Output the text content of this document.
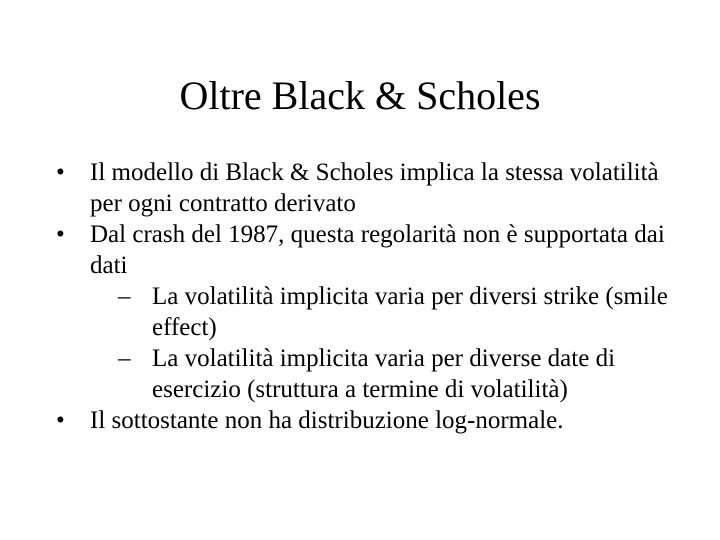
Oltre Black & Scholes
• Il modello di Black & Scholes implica la stessa volatilità per ogni contratto derivato
• Dal crash del 1987, questa regolarità non è supportata dai dati
– La volatilità implicita varia per diversi strike (smile effect)
– La volatilità implicita varia per diverse date di esercizio (struttura a termine di volatilità)
• Il sottostante non ha distribuzione log-normale.
